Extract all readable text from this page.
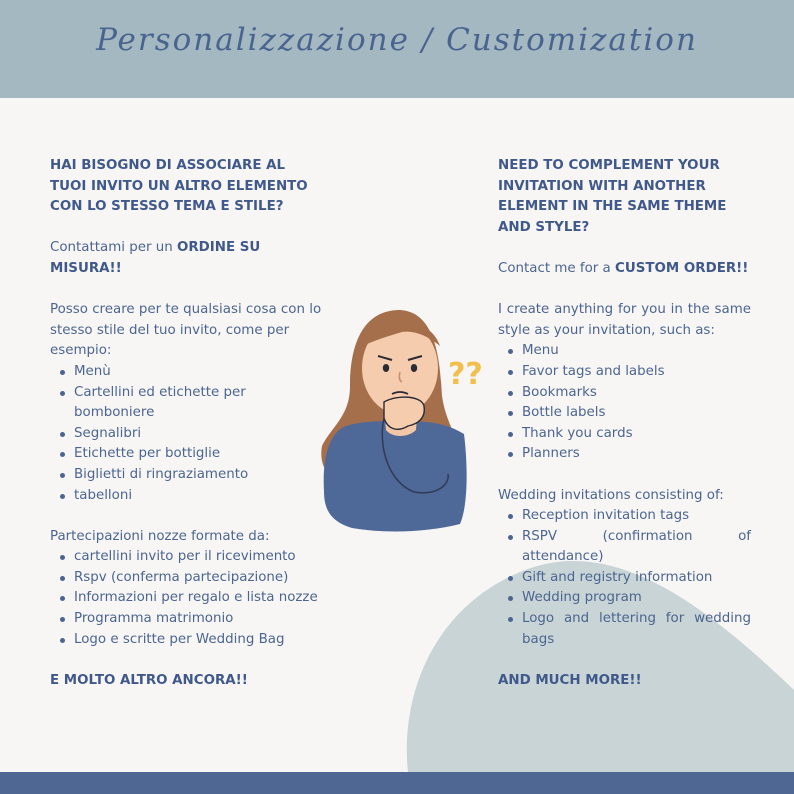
Personalizzazione / Customization

HAI BISOGNO DI ASSOCIARE AL TUOI INVITO UN ALTRO ELEMENTO CON LO STESSO TEMA E STILE?

Contattami per un ORDINE SU MISURA!!

Posso creare per te qualsiasi cosa con lo stesso stile del tuo invito, come per esempio:

Menù
Cartellini ed etichette per bomboniere
Segnalibri
Etichette per bottiglie
Biglietti di ringraziamento
tabelloni

Partecipazioni nozze formate da:

cartellini invito per il ricevimento
Rspv (conferma partecipazione)
Informazioni per regalo e lista nozze
Programma matrimonio
Logo e scritte per Wedding Bag

E MOLTO ALTRO ANCORA!!

NEED TO COMPLEMENT YOUR INVITATION WITH ANOTHER ELEMENT IN THE SAME THEME AND STYLE?

Contact me for a CUSTOM ORDER!!

I create anything for you in the same style as your invitation, such as:

Menu
Favor tags and labels
Bookmarks
Bottle labels
Thank you cards
Planners

Wedding invitations consisting of:

Reception invitation tags
RSPV (confirmation of attendance)
Gift and registry information
Wedding program
Logo and lettering for wedding bags

AND MUCH MORE!!

??
